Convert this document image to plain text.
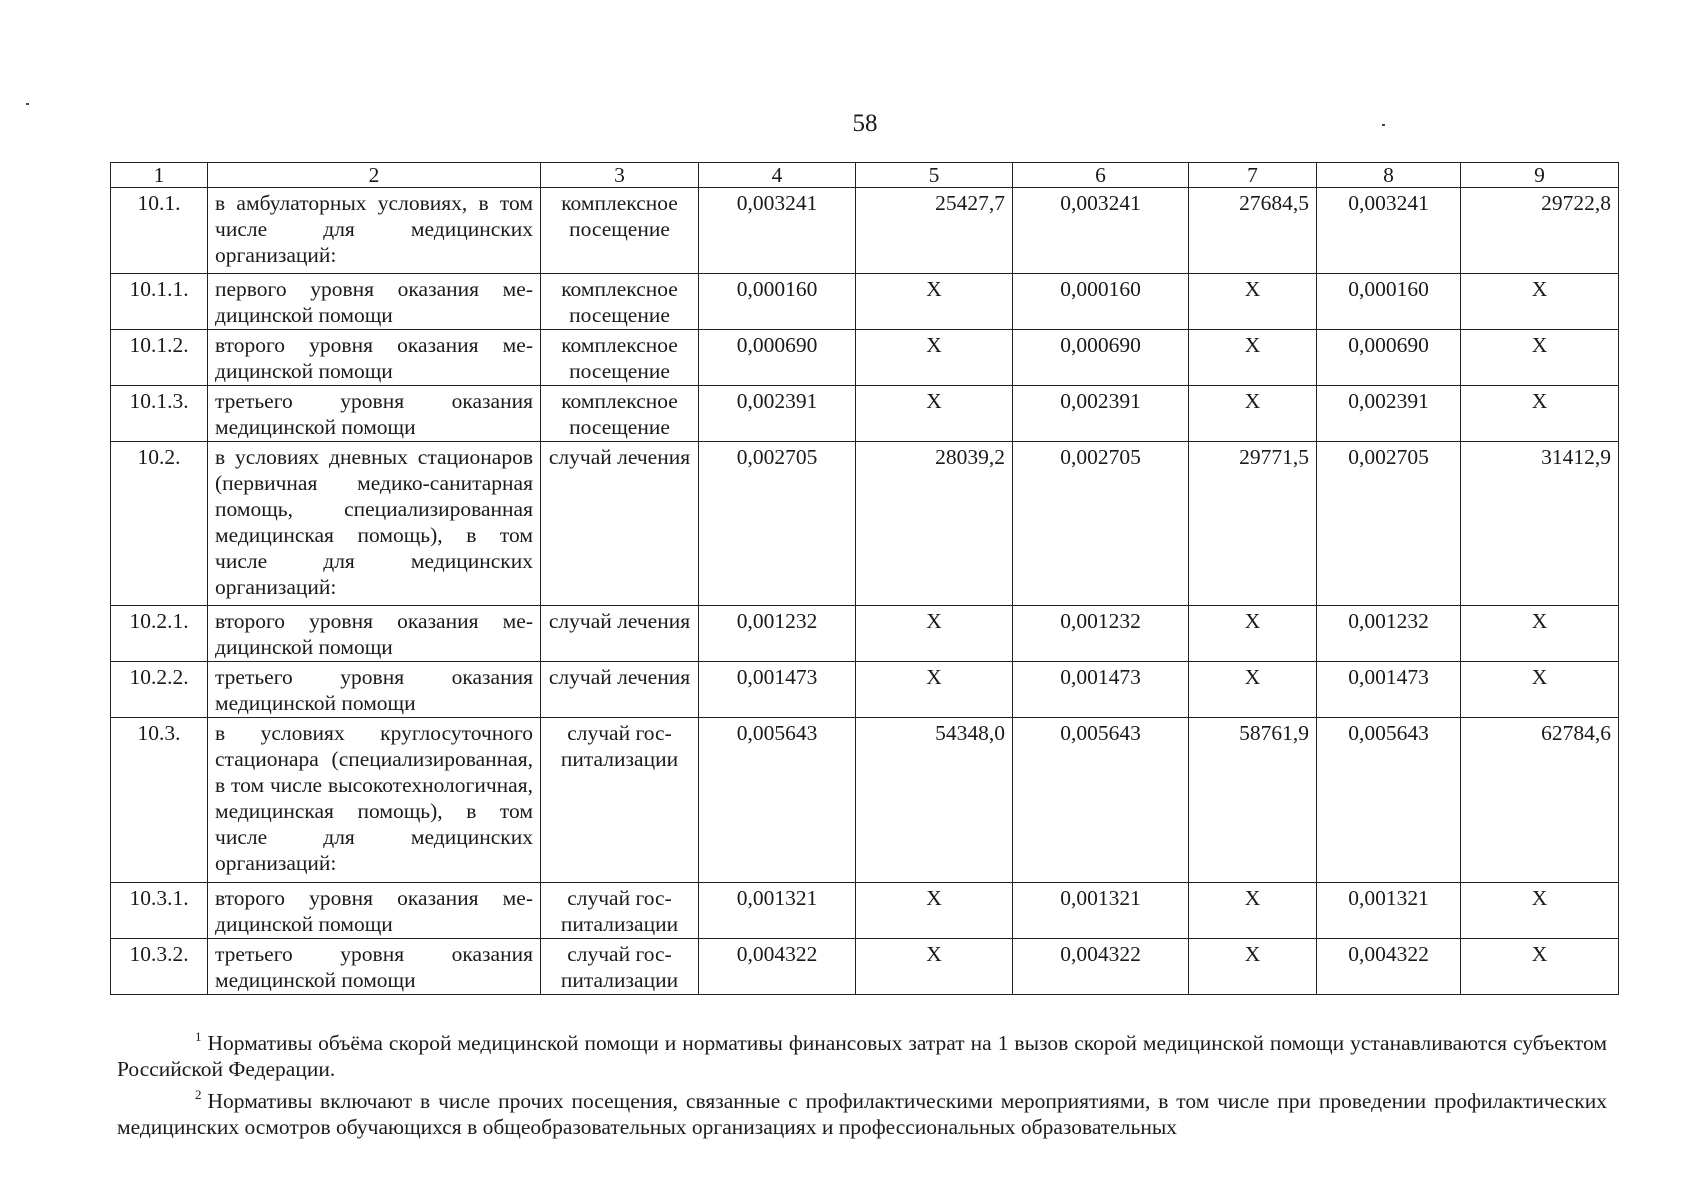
58
1	2	3	4	5	6	7	8	9
10.1.	в амбулаторных условиях, в том числе для медицинских организаций:	комплексное посещение	0,003241	25427,7	0,003241	27684,5	0,003241	29722,8
10.1.1.	первого уровня оказания медицинской помощи	комплексное посещение	0,000160	X	0,000160	X	0,000160	X
10.1.2.	второго уровня оказания медицинской помощи	комплексное посещение	0,000690	X	0,000690	X	0,000690	X
10.1.3.	третьего уровня оказания медицинской помощи	комплексное посещение	0,002391	X	0,002391	X	0,002391	X
10.2.	в условиях дневных стационаров (первичная медико-санитарная помощь, специализированная медицинская помощь), в том числе для медицинских организаций:	случай лечения	0,002705	28039,2	0,002705	29771,5	0,002705	31412,9
10.2.1.	второго уровня оказания медицинской помощи	случай лечения	0,001232	X	0,001232	X	0,001232	X
10.2.2.	третьего уровня оказания медицинской помощи	случай лечения	0,001473	X	0,001473	X	0,001473	X
10.3.	в условиях круглосуточного стационара (специализированная, в том числе высокотехнологичная, медицинская помощь), в том числе для медицинских организаций:	случай госпитализации	0,005643	54348,0	0,005643	58761,9	0,005643	62784,6
10.3.1.	второго уровня оказания медицинской помощи	случай госпитализации	0,001321	X	0,001321	X	0,001321	X
10.3.2.	третьего уровня оказания медицинской помощи	случай госпитализации	0,004322	X	0,004322	X	0,004322	X

$^1$ Нормативы объёма скорой медицинской помощи и нормативы финансовых затрат на 1 вызов скорой медицинской помощи устанавливаются субъектом Российской Федерации.

$^2$ Нормативы включают в числе прочих посещения, связанные с профилактическими мероприятиями, в том числе при проведении профилактических медицинских осмотров обучающихся в общеобразовательных организациях и профессиональных образовательных
